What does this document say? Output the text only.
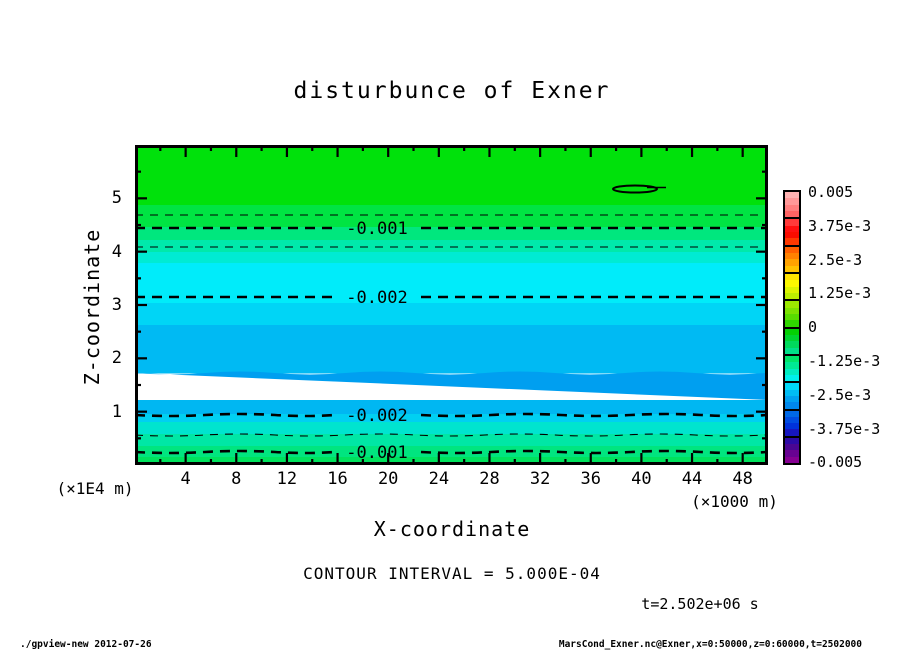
disturbunce of Exner
Z-coordinate	-0.001
-0.002
-0.002
-0.001
(×1E4 m)
(×1000 m)
X-coordinate
CONTOUR INTERVAL = 5.000E-04
t=2.502e+06 s
./gpview-new 2012-07-26	MarsCond_Exner.nc@Exner,x=0:50000,z=0:60000,t=2502000
0.005
3.75e-3
2.5e-3
1.25e-3
0
-1.25e-3
-2.5e-3
-3.75e-3
-0.005
1
2
3
4
5
4	8	12	16	20	24	28	32	36	40	44	48
